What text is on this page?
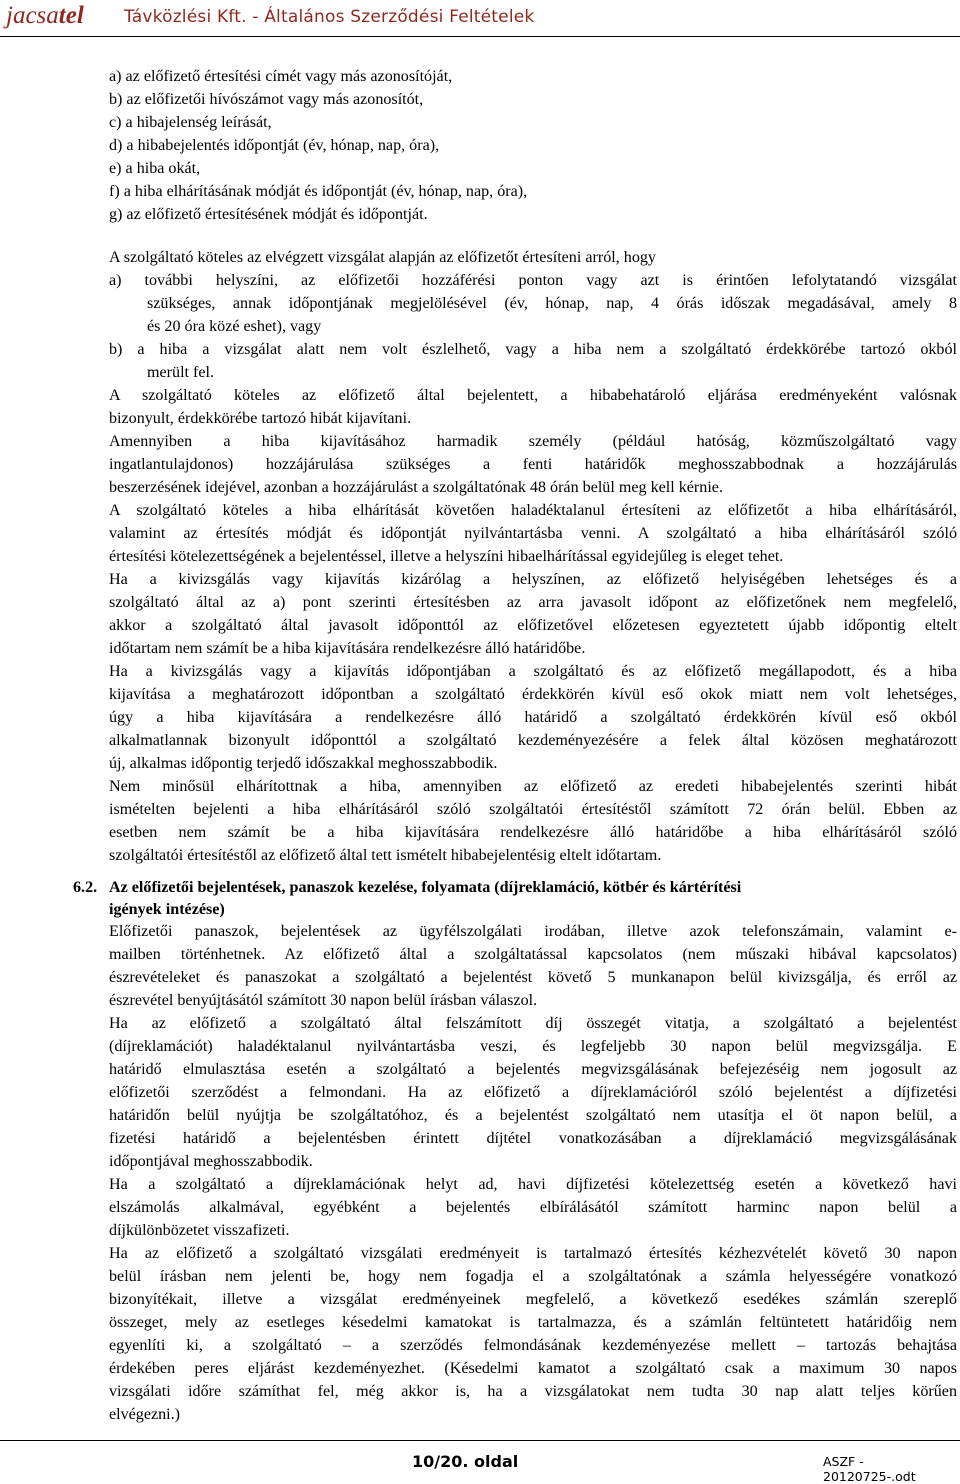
jacsatel Távközlési Kft. - Általános Szerződési Feltételek
a) az előfizető értesítési címét vagy más azonosítóját,
b) az előfizetői hívószámot vagy más azonosítót,
c) a hibajelenség leírását,
d) a hibabejelentés időpontját (év, hónap, nap, óra),
e) a hiba okát,
f) a hiba elhárításának módját és időpontját (év, hónap, nap, óra),
g) az előfizető értesítésének módját és időpontját.
A szolgáltató köteles az elvégzett vizsgálat alapján az előfizetőt értesíteni arról, hogy
a) további helyszíni, az előfizetői hozzáférési ponton vagy azt is érintően lefolytatandó vizsgálat
szükséges, annak időpontjának megjelölésével (év, hónap, nap, 4 órás időszak megadásával, amely 8
és 20 óra közé eshet), vagy
b) a hiba a vizsgálat alatt nem volt észlelhető, vagy a hiba nem a szolgáltató érdekkörébe tartozó okból
merült fel.
A szolgáltató köteles az előfizető által bejelentett, a hibabehatároló eljárása eredményeként valósnak
bizonyult, érdekkörébe tartozó hibát kijavítani.
Amennyiben a hiba kijavításához harmadik személy (például hatóság, közműszolgáltató vagy
ingatlantulajdonos) hozzájárulása szükséges a fenti határidők meghosszabbodnak a hozzájárulás
beszerzésének idejével, azonban a hozzájárulást a szolgáltatónak 48 órán belül meg kell kérnie.
A szolgáltató köteles a hiba elhárítását követően haladéktalanul értesíteni az előfizetőt a hiba elhárításáról,
valamint az értesítés módját és időpontját nyilvántartásba venni. A szolgáltató a hiba elhárításáról szóló
értesítési kötelezettségének a bejelentéssel, illetve a helyszíni hibaelhárítással egyidejűleg is eleget tehet.
Ha a kivizsgálás vagy kijavítás kizárólag a helyszínen, az előfizető helyiségében lehetséges és a
szolgáltató által az a) pont szerinti értesítésben az arra javasolt időpont az előfizetőnek nem megfelelő,
akkor a szolgáltató által javasolt időponttól az előfizetővel előzetesen egyeztetett újabb időpontig eltelt
időtartam nem számít be a hiba kijavítására rendelkezésre álló határidőbe.
Ha a kivizsgálás vagy a kijavítás időpontjában a szolgáltató és az előfizető megállapodott, és a hiba
kijavítása a meghatározott időpontban a szolgáltató érdekkörén kívül eső okok miatt nem volt lehetséges,
úgy a hiba kijavítására a rendelkezésre álló határidő a szolgáltató érdekkörén kívül eső okból
alkalmatlannak bizonyult időponttól a szolgáltató kezdeményezésére a felek által közösen meghatározott
új, alkalmas időpontig terjedő időszakkal meghosszabbodik.
Nem minősül elhárítottnak a hiba, amennyiben az előfizető az eredeti hibabejelentés szerinti hibát
ismételten bejelenti a hiba elhárításáról szóló szolgáltatói értesítéstől számított 72 órán belül. Ebben az
esetben nem számít be a hiba kijavítására rendelkezésre álló határidőbe a hiba elhárításáról szóló
szolgáltatói értesítéstől az előfizető által tett ismételt hibabejelentésig eltelt időtartam.
6.2. Az előfizetői bejelentések, panaszok kezelése, folyamata (díjreklamáció, kötbér és kártérítési
igények intézése)
Előfizetői panaszok, bejelentések az ügyfélszolgálati irodában, illetve azok telefonszámain, valamint e-
mailben történhetnek. Az előfizető által a szolgáltatással kapcsolatos (nem műszaki hibával kapcsolatos)
észrevételeket és panaszokat a szolgáltató a bejelentést követő 5 munkanapon belül kivizsgálja, és erről az
észrevétel benyújtásától számított 30 napon belül írásban válaszol.
Ha az előfizető a szolgáltató által felszámított díj összegét vitatja, a szolgáltató a bejelentést
(díjreklamációt) haladéktalanul nyilvántartásba veszi, és legfeljebb 30 napon belül megvizsgálja. E
határidő elmulasztása esetén a szolgáltató a bejelentés megvizsgálásának befejezéséig nem jogosult az
előfizetői szerződést a felmondani. Ha az előfizető a díjreklamációról szóló bejelentést a díjfizetési
határidőn belül nyújtja be szolgáltatóhoz, és a bejelentést szolgáltató nem utasítja el öt napon belül, a
fizetési határidő a bejelentésben érintett díjtétel vonatkozásában a díjreklamáció megvizsgálásának
időpontjával meghosszabbodik.
Ha a szolgáltató a díjreklamációnak helyt ad, havi díjfizetési kötelezettség esetén a következő havi
elszámolás alkalmával, egyébként a bejelentés elbírálásától számított harminc napon belül a
díjkülönbözetet visszafizeti.
Ha az előfizető a szolgáltató vizsgálati eredményeit is tartalmazó értesítés kézhezvételét követő 30 napon
belül írásban nem jelenti be, hogy nem fogadja el a szolgáltatónak a számla helyességére vonatkozó
bizonyítékait, illetve a vizsgálat eredményeinek megfelelő, a következő esedékes számlán szereplő
összeget, mely az esetleges késedelmi kamatokat is tartalmazza, és a számlán feltüntetett határidőig nem
egyenlíti ki, a szolgáltató – a szerződés felmondásának kezdeményezése mellett – tartozás behajtása
érdekében peres eljárást kezdeményezhet. (Késedelmi kamatot a szolgáltató csak a maximum 30 napos
vizsgálati időre számíthat fel, még akkor is, ha a vizsgálatokat nem tudta 30 nap alatt teljes körűen
elvégezni.)
10/20. oldal	ASZF - 20120725-.odt
